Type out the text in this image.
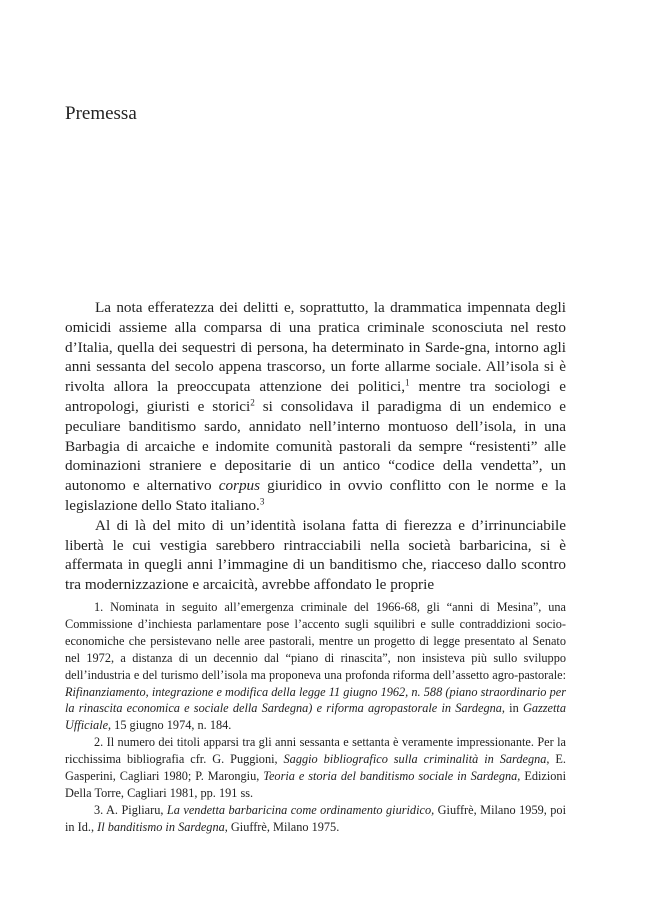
Premessa

La nota efferatezza dei delitti e, soprattutto, la drammatica impennata degli omicidi assieme alla comparsa di una pratica criminale sconosciuta nel resto d’Italia, quella dei sequestri di persona, ha determinato in Sarde-gna, intorno agli anni sessanta del secolo appena trascorso, un forte allarme sociale. All’isola si è rivolta allora la preoccupata attenzione dei politici,$^1$ mentre tra sociologi e antropologi, giuristi e storici$^2$ si consolidava il paradigma di un endemico e peculiare banditismo sardo, annidato nell’interno montuoso dell’isola, in una Barbagia di arcaiche e indomite comunità pastorali da sempre “resistenti” alle dominazioni straniere e depositarie di un antico “codice della vendetta”, un autonomo e alternativo corpus giuridico in ovvio conflitto con le norme e la legislazione dello Stato italiano.$^3$

Al di là del mito di un’identità isolana fatta di fierezza e d’irrinunciabile libertà le cui vestigia sarebbero rintracciabili nella società barbaricina, si è affermata in quegli anni l’immagine di un banditismo che, riacceso dallo scontro tra modernizzazione e arcaicità, avrebbe affondato le proprie

1. Nominata in seguito all’emergenza criminale del 1966-68, gli “anni di Mesina”, una Commissione d’inchiesta parlamentare pose l’accento sugli squilibri e sulle contraddizioni socio-economiche che persistevano nelle aree pastorali, mentre un progetto di legge presentato al Senato nel 1972, a distanza di un decennio dal “piano di rinascita”, non insisteva più sullo sviluppo dell’industria e del turismo dell’isola ma proponeva una profonda riforma dell’assetto agro-pastorale: Rifinanziamento, integrazione e modifica della legge 11 giugno 1962, n. 588 (piano straordinario per la rinascita economica e sociale della Sardegna) e riforma agropastorale in Sardegna, in Gazzetta Ufficiale, 15 giugno 1974, n. 184.

2. Il numero dei titoli apparsi tra gli anni sessanta e settanta è veramente impressionante. Per la ricchissima bibliografia cfr. G. Puggioni, Saggio bibliografico sulla criminalità in Sardegna, E. Gasperini, Cagliari 1980; P. Marongiu, Teoria e storia del banditismo sociale in Sardegna, Edizioni Della Torre, Cagliari 1981, pp. 191 ss.

3. A. Pigliaru, La vendetta barbaricina come ordinamento giuridico, Giuffrè, Milano 1959, poi in Id., Il banditismo in Sardegna, Giuffrè, Milano 1975.
